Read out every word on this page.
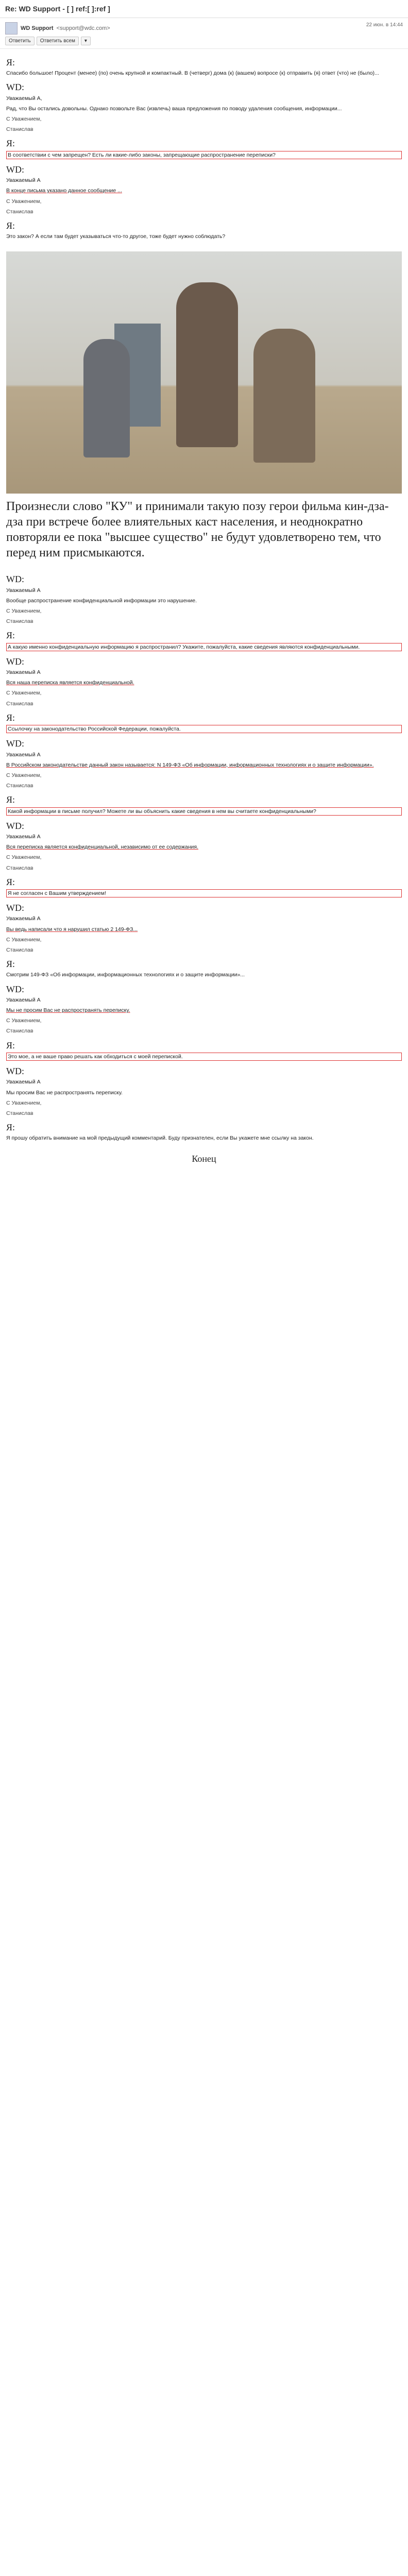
Re: WD Support - [ ] ref:[ ]:ref ]
WD Support <support@wdc.com>
22 июн. в 14:44
Ответить	Ответить всем	▾
Я:

Спасибо большое! Процент (менее) (по) очень крупной и компактный. В (четверг) дома (к) (вашем) вопросе (к) отправить (я) ответ (что) не (было)...

WD:

Уважаемый А,

Рад, что Вы остались довольны. Однако позвольте Вас (извлечь) ваша предложения по поводу удаления сообщения, информации...

С Уважением,

Станислав

Я:

В соответствии с чем запрещен? Есть ли какие-либо законы, запрещающие распространение переписки?

WD:

Уважаемый А

В конце письма указано данное сообщение ...

С Уважением,

Станислав

Я:

Это закон? А если там будет указываться что-то другое, тоже будет нужно соблюдать?

Произнесли слово "КУ" и принимали такую позу герои фильма кин-дза-дза при встрече более влиятельных каст населения, и неоднократно повторяли ее пока "высшее существо" не будут удовлетворено тем, что перед ним присмыкаются.
WD:

Уважаемый А

Вообще распространение конфиденциальной информации это нарушение.

С Уважением,

Станислав

Я:

А какую именно конфиденциальную информацию я распространил? Укажите, пожалуйста, какие сведения являются конфиденциальными.

WD:

Уважаемый А

Вся наша переписка является конфиденциальной.

С Уважением,

Станислав

Я:

Ссылочку на законодательство Российской Федерации, пожалуйста.

WD:

Уважаемый А

В Российском законодательстве данный закон называется: N 149-ФЗ «Об информации, информационных технологиях и о защите информации».

С Уважением,

Станислав

Я:

Какой информации в письме получил? Можете ли вы объяснить какие сведения в нем вы считаете конфиденциальными?

WD:

Уважаемый А

Вся переписка является конфиденциальной, независимо от ее содержания.

С Уважением,

Станислав

Я:

Я не согласен с Вашим утверждением!

WD:

Уважаемый А

Вы ведь написали что я нарушил статью 2 149-ФЗ...

С Уважением,

Станислав

Я:

Смотрим 149-ФЗ «Об информации, информационных технологиях и о защите информации»...

WD:

Уважаемый А

Мы не просим Вас не распространять переписку.

С Уважением,

Станислав

Я:

Это мое, а не ваше право решать как обходиться с моей перепиской.

WD:

Уважаемый А

Мы просим Вас не распространять переписку.

С Уважением,

Станислав

Я:

Я прошу обратить внимание на мой предыдущий комментарий. Буду признателен, если Вы укажете мне ссылку на закон.

Конец
